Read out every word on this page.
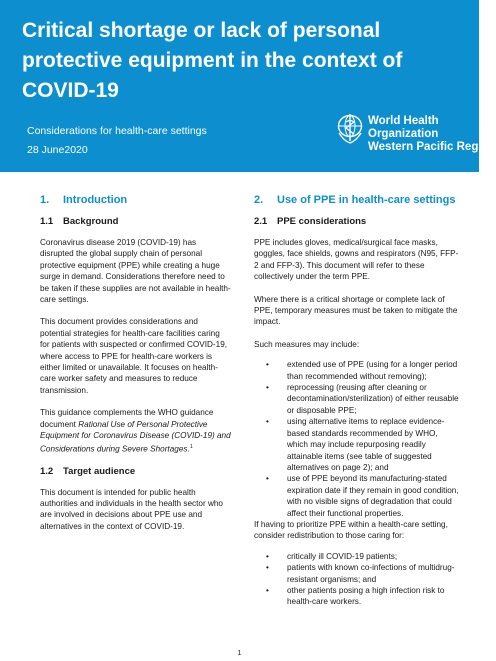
Critical shortage or lack of personal protective equipment in the context of COVID-19
Considerations for health-care settings
28 June2020
World Health
Organization
Western Pacific Region
1.	Introduction
1.1	Background

Coronavirus disease 2019 (COVID-19) has disrupted the global supply chain of personal protective equipment (PPE) while creating a huge surge in demand. Considerations therefore need to be taken if these supplies are not available in health-care settings.

This document provides considerations and potential strategies for health-care facilities caring for patients with suspected or confirmed COVID-19, where access to PPE for health-care workers is either limited or unavailable. It focuses on health-care worker safety and measures to reduce transmission.

This guidance complements the WHO guidance document Rational Use of Personal Protective Equipment for Coronavirus Disease (COVID-19) and Considerations during Severe Shortages.$^1$

1.2	Target audience

This document is intended for public health authorities and individuals in the health sector who are involved in decisions about PPE use and alternatives in the context of COVID-19.

2.	Use of PPE in health-care settings
2.1	PPE considerations

PPE includes gloves, medical/surgical face masks, goggles, face shields, gowns and respirators (N95, FFP-2 and FFP-3). This document will refer to these collectively under the term PPE.

Where there is a critical shortage or complete lack of PPE, temporary measures must be taken to mitigate the impact.

Such measures may include:

•	extended use of PPE (using for a longer period than recommended without removing);
•	reprocessing (reusing after cleaning or decontamination/sterilization) of either reusable or disposable PPE;
•	using alternative items to replace evidence-based standards recommended by WHO, which may include repurposing readily attainable items (see table of suggested alternatives on page 2); and
•	use of PPE beyond its manufacturing-stated expiration date if they remain in good condition, with no visible signs of degradation that could affect their functional properties.

If having to prioritize PPE within a health-care setting, consider redistribution to those caring for:

•	critically ill COVID-19 patients;
•	patients with known co-infections of multidrug-resistant organisms; and
•	other patients posing a high infection risk to health-care workers.
1
